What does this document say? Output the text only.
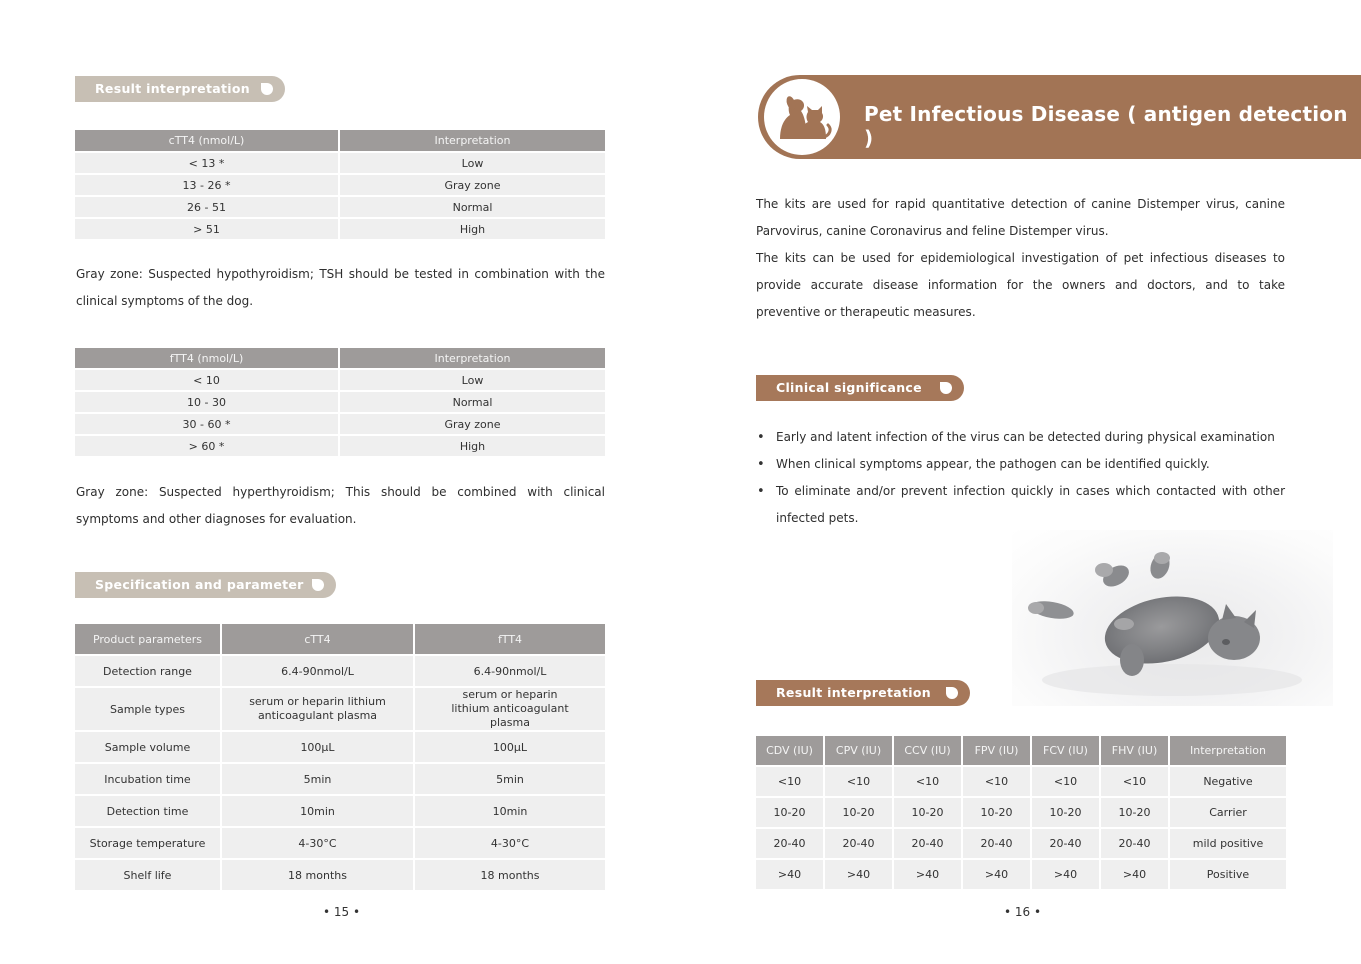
Result interpretation
cTT4 (nmol/L)	Interpretation
< 13 *	Low
13 - 26 *	Gray zone
26 - 51	Normal
> 51	High
Gray zone: Suspected hypothyroidism; TSH should be tested in combination with the clinical symptoms of the dog.
fTT4 (nmol/L)	Interpretation
< 10	Low
10 - 30	Normal
30 - 60 *	Gray zone
> 60 *	High
Gray zone: Suspected hyperthyroidism; This should be combined with clinical symptoms and other diagnoses for evaluation.
Specification and parameter
Product parameters	cTT4	fTT4
Detection range	6.4-90nmol/L	6.4-90nmol/L
Sample types	serum or heparin lithium anticoagulant plasma	serum or heparin lithium anticoagulant plasma
Sample volume	100μL	100μL
Incubation time	5min	5min
Detection time	10min	10min
Storage temperature	4-30°C	4-30°C
Shelf life	18 months	18 months
• 15 •
Pet Infectious Disease ( antigen detection )
The kits are used for rapid quantitative detection of canine Distemper virus, canine Parvovirus, canine Coronavirus and feline Distemper virus.
The kits can be used for epidemiological investigation of pet infectious diseases to provide accurate disease information for the owners and doctors, and to take preventive or therapeutic measures.
Clinical significance
• Early and latent infection of the virus can be detected during physical examination
• When clinical symptoms appear, the pathogen can be identified quickly.
• To eliminate and/or prevent infection quickly in cases which contacted with other infected pets.
Result interpretation
CDV (IU)	CPV (IU)	CCV (IU)	FPV (IU)	FCV (IU)	FHV (IU)	Interpretation
<10	<10	<10	<10	<10	<10	Negative
10-20	10-20	10-20	10-20	10-20	10-20	Carrier
20-40	20-40	20-40	20-40	20-40	20-40	mild positive
>40	>40	>40	>40	>40	>40	Positive
• 16 •
